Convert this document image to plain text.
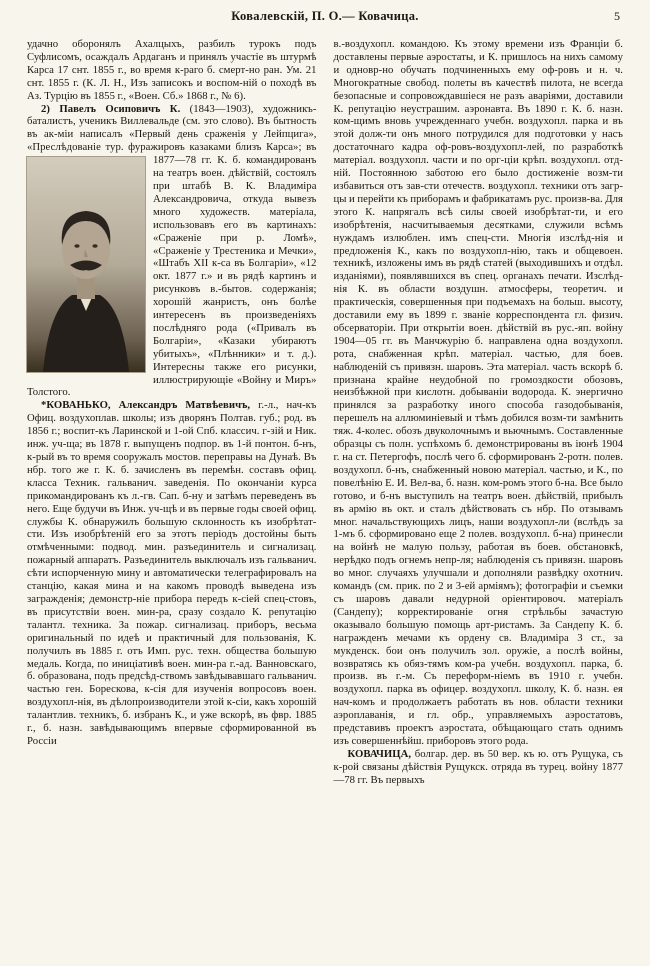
Ковалевскій, П. О.— Ковачица.	5

удачно оборонялъ Ахалцыхъ, разбилъ турокъ подъ Суфлисомъ, осаждалъ Ардаганъ и принялъ участіе въ штурмѣ Карса 17 снт. 1855 г., во время к-раго б. смерт-но ран. Ум. 21 снт. 1855 г. (К. Л. Н., Изъ записокъ и воспом-ній о походѣ въ Аз. Турцію въ 1855 г., «Воен. Сб.» 1868 г., № 6).

2) Павелъ Осиповичъ К. (1843—1903), художникъ-баталистъ, ученикъ Виллевальде (см. это слово). Въ бытность въ ак-міи написалъ «Первый день сраженія у Лейпцига», «Преслѣдованіе тур. фуражировъ казаками близъ Карса»;
въ 1877—78 гг. К. б. командированъ на театръ воен. дѣйствій, состоялъ при штабѣ В. К. Владиміра Александровича, откуда вывезъ много художеств. матеріала, использовавъ его въ картинахъ: «Сраженіе при р. Ломѣ», «Сраженіе у Трестеника и Мечки», «Штабъ XII к-са въ Болгаріи», «12 окт. 1877 г.» и въ рядѣ картинъ и рисунковъ в.-бытов. содержанія; хорошій жанристъ, онъ болѣе интересенъ въ произведеніяхъ послѣдняго рода («Привалъ въ Болгаріи», «Казаки убираютъ убитыхъ», «Плѣнники» и т. д.). Интересны также его рисунки, иллюстрирующіе «Войну и Миръ» Толстого.

*КОВАНЬКО, Александръ Матвѣевичъ, г.-л., нач-къ Офиц. воздухоплав. школы; изъ дворянъ Полтав. губ.; род. въ 1856 г.; воспит-къ Ларинской и 1-ой Спб. классич. г-зій и Ник. инж. уч-ща; въ 1878 г. выпущенъ подпор. въ 1-й понтон. б-нъ, к-рый въ то время сооружалъ мостов. переправы на Дунаѣ. Въ нбр. того же г. К. б. зачисленъ въ перемѣн. составъ офиц. класса Техник. гальванич. заведенія. По окончаніи курса прикомандированъ къ л.-гв. Сап. б-ну и затѣмъ переведенъ въ него. Еще будучи въ Инж. уч-щѣ и въ первые годы своей офиц. службы К. обнаружилъ большую склонность къ изобрѣтат-сти. Изъ изобрѣтеній его за этотъ періодъ достойны быть отмѣченными: подвод. мин. разъединитель и сигнализац. пожарный аппаратъ. Разъединитель выключалъ изъ гальванич. сѣти испорченную мину и автоматически телеграфировалъ на станцію, какая мина и на какомъ проводѣ выведена изъ загражденія; демонстр-ніе прибора передъ к-сіей спец-стовъ, въ присутствіи воен. мин-ра, сразу создало К. репутацію талантл. техника. За пожар. сигнализац. приборъ, весьма оригинальный по идеѣ и практичный для пользованія, К. получилъ въ 1885 г. отъ Имп. рус. техн. общества большую медаль. Когда, по иниціативѣ воен. мин-ра г.-ад. Ванновскаго, б. образована, подъ предсѣд-ствомъ завѣдывавшаго гальванич. частью ген. Борескова, к-сія для изученія вопросовъ воен. воздухопл-нія, въ дѣлопроизводители этой к-сіи, какъ хорошій талантлив. техникъ, б. избранъ К., и уже вскорѣ, въ фвр. 1885 г., б. назн. завѣдывающимъ впервые сформированной въ Россіи

в.-воздухопл. командою. Къ этому времени изъ Франціи б. доставлены первые аэростаты, и К. пришлось на нихъ самому и одновр-но обучать подчиненныхъ ему оф-ровъ и н. ч. Многократные свобод. полеты въ качествѣ пилота, не всегда безопасные и сопровождавшіеся не разъ аваріями, доставили К. репутацію неустрашим. аэронавта. Въ 1890 г. К. б. назн. ком-щимъ вновь учрежденнаго учебн. воздухопл. парка и въ этой долж-ти онъ много потрудился для подготовки у насъ достаточнаго кадра оф-ровъ-воздухопл-лей, по разработкѣ матеріал. воздухопл. части и по орг-ціи крѣп. воздухопл. отд-ній. Постоянною заботою его было достиженіе возм-ти избавиться отъ зав-сти отечеств. воздухопл. техники отъ загр-цы и перейти къ приборамъ и фабрикатамъ рус. произв-ва. Для этого К. напрягалъ всѣ силы своей изобрѣтат-ти, и его изобрѣтенія, насчитываемыя десятками, служили всѣмъ нуждамъ излюблен. имъ спец-сти. Многія изслѣд-нія и предложенія К., какъ по воздухопл-нію, такъ и общевоен. техникѣ, изложены имъ въ рядѣ статей (выходившихъ и отдѣл. изданіями), появлявшихся въ спец. органахъ печати. Изслѣд-нія К. въ области воздушн. атмосферы, теоретич. и практическія, совершенныя при подъемахъ на больш. высоту, доставили ему въ 1899 г. званіе корреспондента гл. физич. обсерваторіи. При открытіи воен. дѣйствій въ рус.-яп. войну 1904—05 гг. въ Манчжурію б. направлена одна воздухопл. рота, снабженная крѣп. матеріал. частью, для боев. наблюденій съ привязн. шаровъ. Эта матеріал. часть вскорѣ б. признана крайне неудобной по громоздкости обозовъ, неизбѣжной при кислотн. добываніи водорода. К. энергично принялся за разработку иного способа газодобыванія, перешелъ на аллюминіевый и тѣмъ добился возм-ти замѣнить тяж. 4-колес. обозъ двуколочнымъ и вьючнымъ. Составленные образцы съ полн. успѣхомъ б. демонстрированы въ іюнѣ 1904 г. на ст. Петергофъ, послѣ чего б. сформированъ 2-ротн. полев. воздухопл. б-нъ, снабженный новою матеріал. частью, и К., по повелѣнію Е. И. Вел-ва, б. назн. ком-ромъ этого б-на. Все было готово, и б-нъ выступилъ на театръ воен. дѣйствій, прибылъ въ армію въ окт. и сталъ дѣйствовать съ нбр. По отзывамъ мног. начальствующихъ лицъ, наши воздухопл-ли (вслѣдъ за 1-мъ б. сформировано еще 2 полев. воздухопл. б-на) принесли на войнѣ не малую пользу, работая въ боев. обстановкѣ, нерѣдко подъ огнемъ непр-ля; наблюденія съ привязн. шаровъ во мног. случаяхъ улучшали и дополняли развѣдку охотнич. командъ (см. прик. по 2 и 3-ей арміямъ); фотографіи и съемки съ шаровъ давали недурной оріентировоч. матеріалъ (Сандепу); корректированіе огня стрѣльбы зачастую оказывало большую помощь арт-ристамъ. За Сандепу К. б. награжденъ мечами къ ордену св. Владиміра 3 ст., за мукденск. бои онъ получилъ зол. оружіе, а послѣ войны, возвратясь къ обяз-тямъ ком-ра учебн. воздухопл. парка, б. произв. въ г.-м. Съ переформ-ніемъ въ 1910 г. учебн. воздухопл. парка въ офицер. воздухопл. школу, К. б. назн. ея нач-комъ и продолжаетъ работать въ нов. области техники аэроплаванія, и гл. обр., управляемыхъ аэростатовъ, представивъ проектъ аэростата, обѣщающаго стать однимъ изъ совершеннѣйш. приборовъ этого рода.

КОВАЧИЦА, болгар. дер. въ 50 вер. къ ю. отъ Рущука, съ к-рой связаны дѣйствія Рущукск. отряда въ турец. войну 1877—78 гг. Въ первыхъ
